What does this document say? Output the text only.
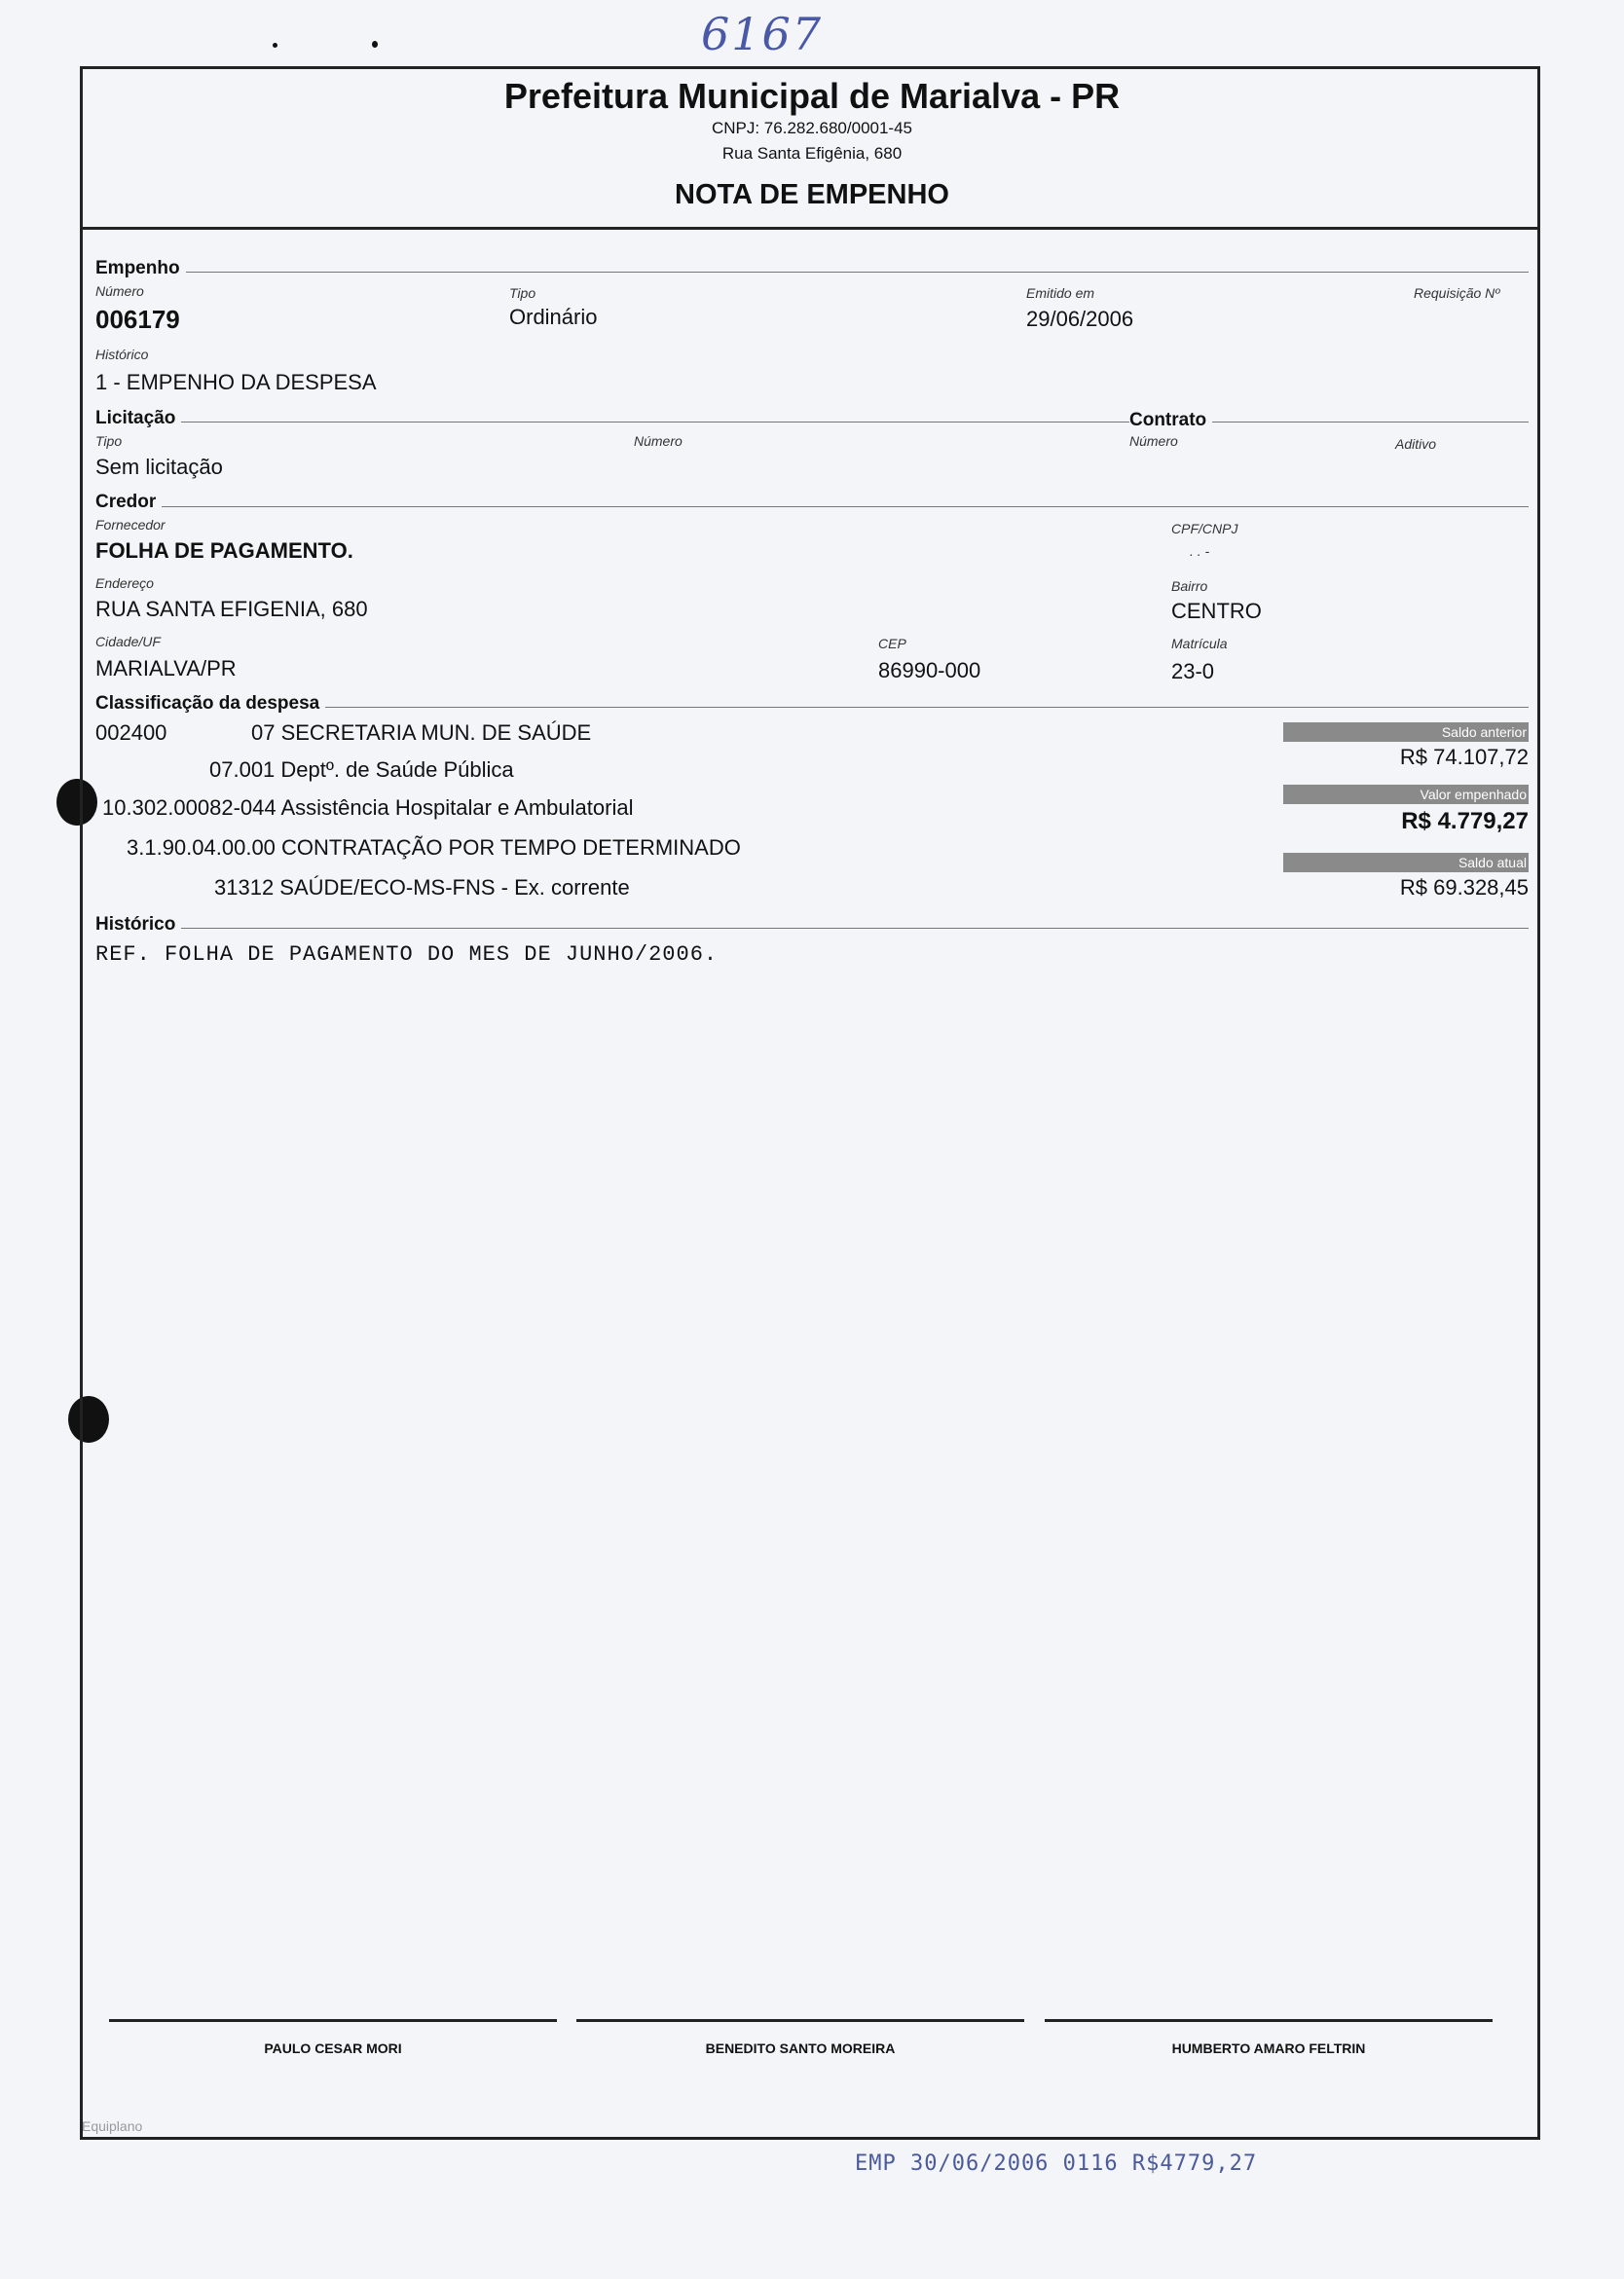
6167
Prefeitura Municipal de Marialva - PR
CNPJ: 76.282.680/0001-45
Rua Santa Efigênia, 680
NOTA DE EMPENHO
Empenho
Número
006179
Tipo
Ordinário
Emitido em
29/06/2006
Requisição Nº
Histórico
1 - EMPENHO DA DESPESA
Licitação	Contrato
Tipo
Sem licitação
Número	Número	Aditivo
Credor
Fornecedor
FOLHA DE PAGAMENTO.
CPF/CNPJ
. . -
Endereço
RUA SANTA EFIGENIA, 680
Bairro
CENTRO
Cidade/UF
MARIALVA/PR
CEP
86990-000
Matrícula
23-0
Classificação da despesa
002400	07 SECRETARIA MUN. DE SAÚDE
07.001 Deptº. de Saúde Pública
10.302.00082-044 Assistência Hospitalar e Ambulatorial
3.1.90.04.00.00 CONTRATAÇÃO POR TEMPO DETERMINADO
31312 SAÚDE/ECO-MS-FNS - Ex. corrente
Saldo anterior
R$ 74.107,72
Valor empenhado
R$ 4.779,27
Saldo atual
R$ 69.328,45
Histórico
REF. FOLHA DE PAGAMENTO DO MES DE JUNHO/2006.
PAULO CESAR MORI	BENEDITO SANTO MOREIRA	HUMBERTO AMARO FELTRIN
Equiplano
EMP 30/06/2006 0116 R$4779,27
